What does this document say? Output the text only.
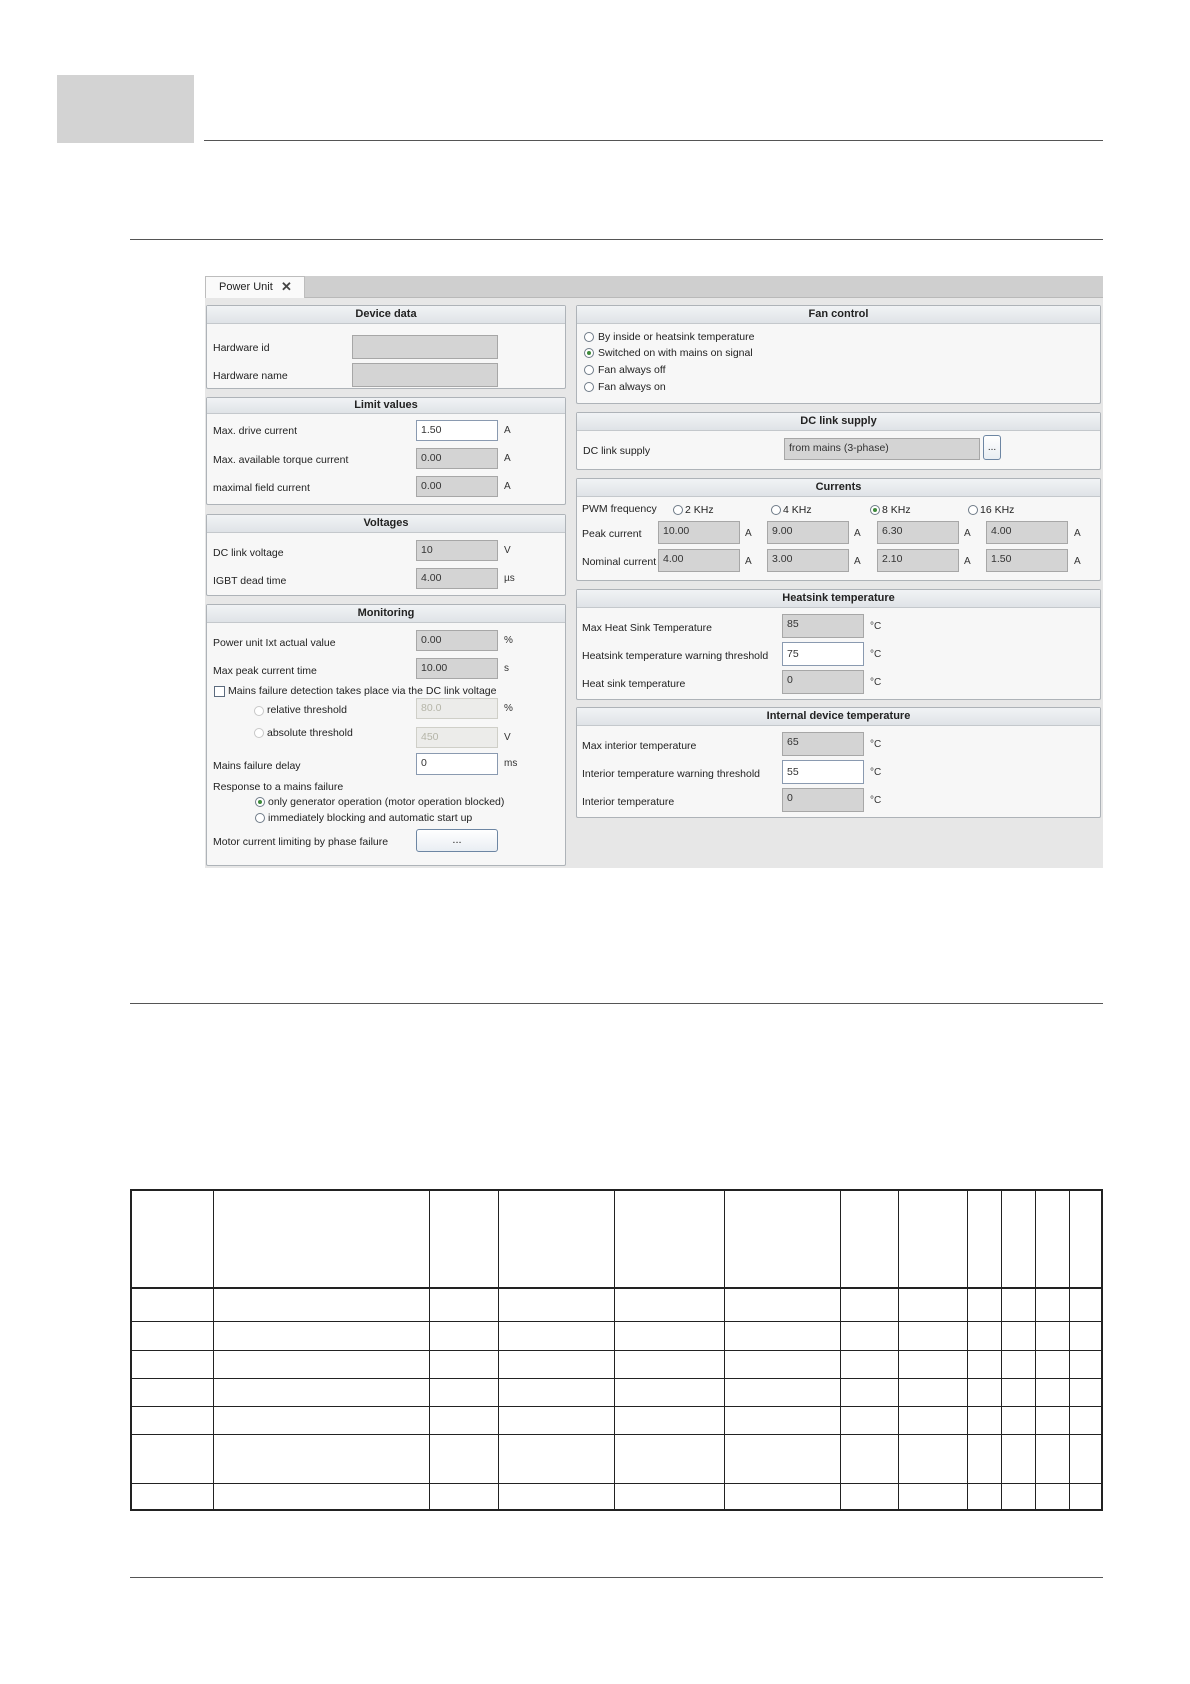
Power Unit ✕
Device data
Hardware id
Hardware name
Limit values
Max. drive current	1.50	A
Max. available torque current	0.00	A
maximal field current	0.00	A
Voltages
DC link voltage	10	V
IGBT dead time	4.00	µs
Monitoring
Power unit Ixt actual value	0.00	%
Max peak current time	10.00	s
Mains failure detection takes place via the DC link voltage
relative threshold	80.0	%
absolute threshold	450	V
Mains failure delay	0	ms
Response to a mains failure
only generator operation (motor operation blocked)
immediately blocking and automatic start up
Motor current limiting by phase failure	...
Fan control
By inside or heatsink temperature
Switched on with mains on signal
Fan always off
Fan always on
DC link supply
DC link supply	from mains (3-phase)	...
Currents
PWM frequency	2 KHz	4 KHz	8 KHz	16 KHz
Peak current	10.00	A	9.00	A	6.30	A	4.00	A
Nominal current 4.00	A	3.00	A	2.10	A	1.50	A
Heatsink temperature
Max Heat Sink Temperature	85	°C
Heatsink temperature warning threshold	75	°C
Heat sink temperature	0	°C
Internal device temperature
Max interior temperature	65	°C
Interior temperature warning threshold	55	°C
Interior temperature	0	°C
